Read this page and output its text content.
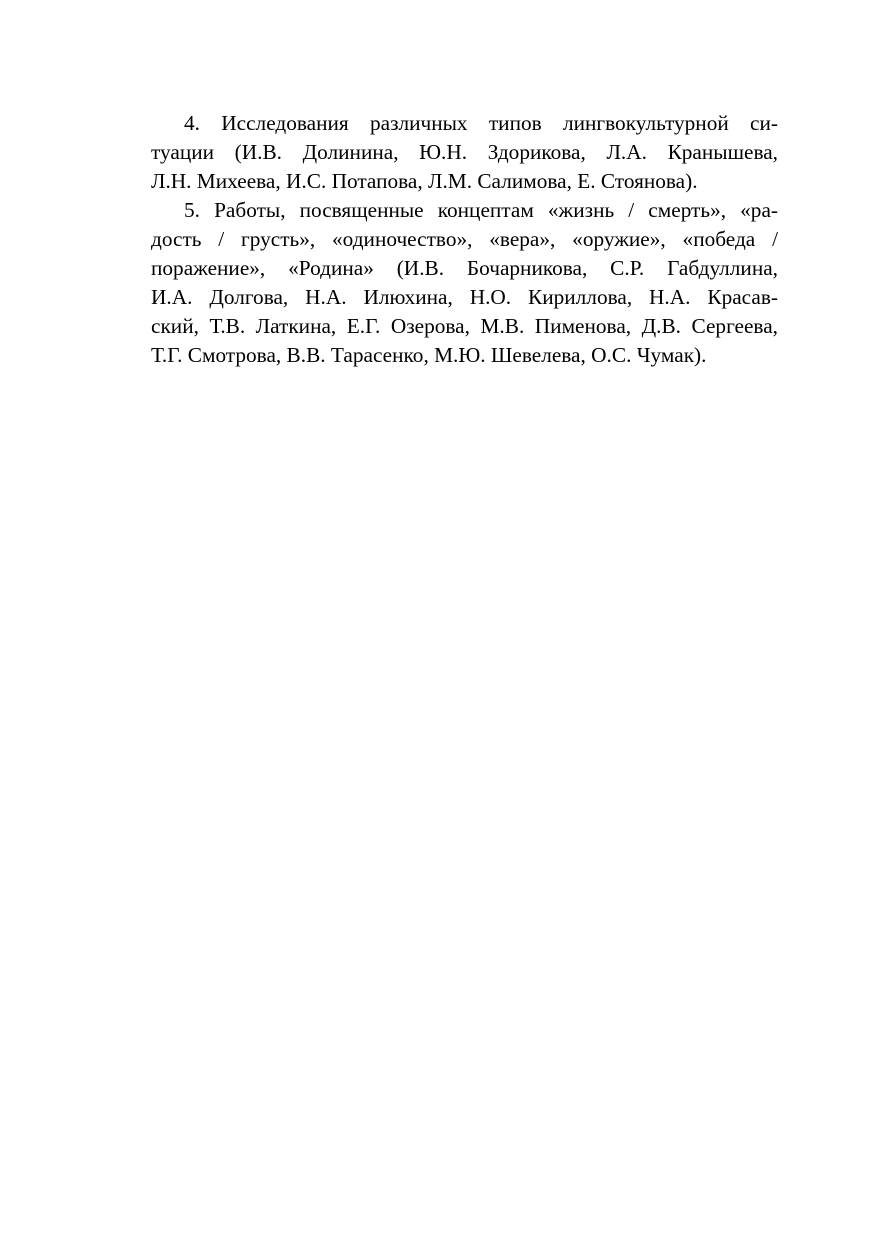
4. Исследования различных типов лингвокультурной си-
туации (И.В. Долинина, Ю.Н. Здорикова, Л.А. Кранышева,
Л.Н. Михеева, И.С. Потапова, Л.М. Салимова, Е. Стоянова).
5. Работы, посвященные концептам «жизнь / смерть», «ра-
дость / грусть», «одиночество», «вера», «оружие», «победа /
поражение», «Родина» (И.В. Бочарникова, С.Р. Габдуллина,
И.А. Долгова, Н.А. Илюхина, Н.О. Кириллова, Н.А. Красав-
ский, Т.В. Латкина, Е.Г. Озерова, М.В. Пименова, Д.В. Сергеева,
Т.Г. Смотрова, В.В. Тарасенко, М.Ю. Шевелева, О.С. Чумак).
